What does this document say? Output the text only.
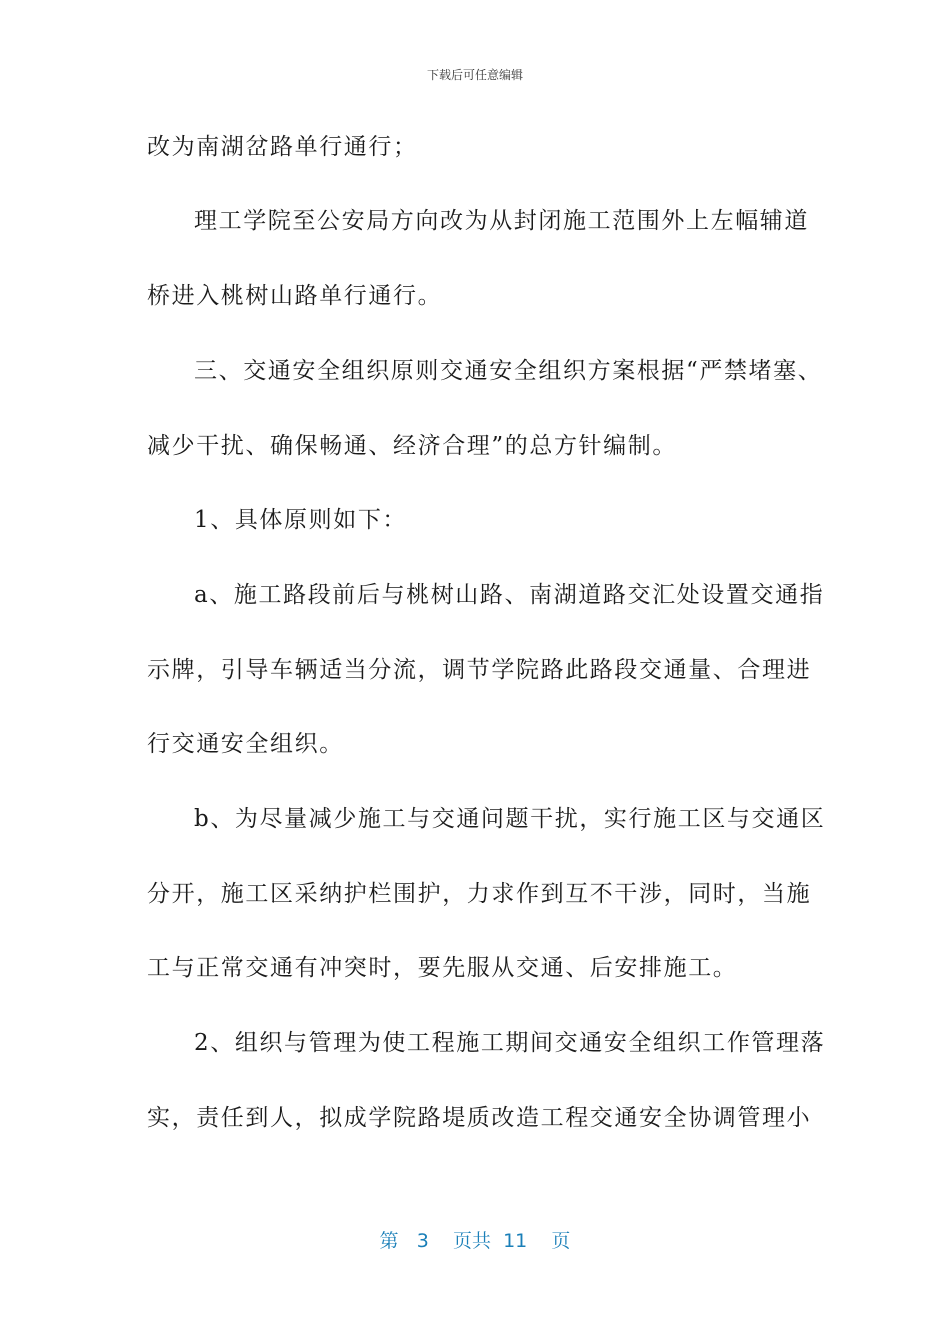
下载后可任意编辑
改为南湖岔路单行通行；
理工学院至公安局方向改为从封闭施工范围外上左幅辅道
桥进入桃树山路单行通行。
三、交通安全组织原则交通安全组织方案根据“严禁堵塞、
减少干扰、确保畅通、经济合理”的总方针编制。
1、具体原则如下：
a、施工路段前后与桃树山路、南湖道路交汇处设置交通指
示牌，引导车辆适当分流，调节学院路此路段交通量、合理进
行交通安全组织。
b、为尽量减少施工与交通问题干扰，实行施工区与交通区
分开，施工区采纳护栏围护，力求作到互不干涉，同时，当施
工与正常交通有冲突时，要先服从交通、后安排施工。
2、组织与管理为使工程施工期间交通安全组织工作管理落
实，责任到人，拟成学院路堤质改造工程交通安全协调管理小
第 3 页共 11 页
